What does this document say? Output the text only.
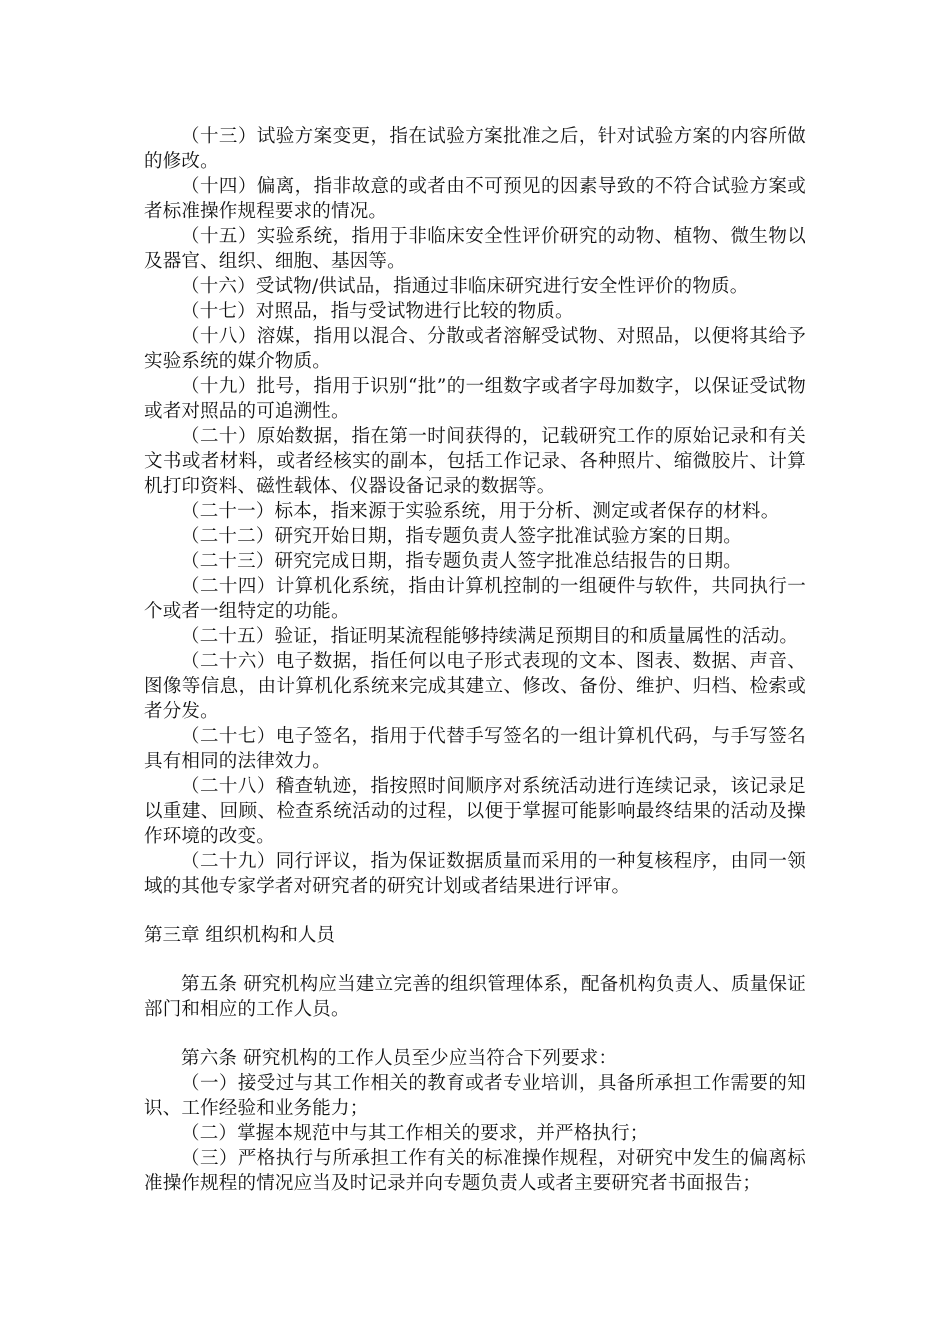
（十三）试验方案变更，指在试验方案批准之后，针对试验方案的内容所做的修改。

（十四）偏离，指非故意的或者由不可预见的因素导致的不符合试验方案或者标准操作规程要求的情况。

（十五）实验系统，指用于非临床安全性评价研究的动物、植物、微生物以及器官、组织、细胞、基因等。

（十六）受试物/供试品，指通过非临床研究进行安全性评价的物质。

（十七）对照品，指与受试物进行比较的物质。

（十八）溶媒，指用以混合、分散或者溶解受试物、对照品，以便将其给予实验系统的媒介物质。

（十九）批号，指用于识别“批”的一组数字或者字母加数字，以保证受试物或者对照品的可追溯性。

（二十）原始数据，指在第一时间获得的，记载研究工作的原始记录和有关文书或者材料，或者经核实的副本，包括工作记录、各种照片、缩微胶片、计算机打印资料、磁性载体、仪器设备记录的数据等。

（二十一）标本，指来源于实验系统，用于分析、测定或者保存的材料。

（二十二）研究开始日期，指专题负责人签字批准试验方案的日期。

（二十三）研究完成日期，指专题负责人签字批准总结报告的日期。

（二十四）计算机化系统，指由计算机控制的一组硬件与软件，共同执行一个或者一组特定的功能。

（二十五）验证，指证明某流程能够持续满足预期目的和质量属性的活动。

（二十六）电子数据，指任何以电子形式表现的文本、图表、数据、声音、图像等信息，由计算机化系统来完成其建立、修改、备份、维护、归档、检索或者分发。

（二十七）电子签名，指用于代替手写签名的一组计算机代码，与手写签名具有相同的法律效力。

（二十八）稽查轨迹，指按照时间顺序对系统活动进行连续记录，该记录足以重建、回顾、检查系统活动的过程，以便于掌握可能影响最终结果的活动及操作环境的改变。

（二十九）同行评议，指为保证数据质量而采用的一种复核程序，由同一领域的其他专家学者对研究者的研究计划或者结果进行评审。

第三章 组织机构和人员

第五条 研究机构应当建立完善的组织管理体系，配备机构负责人、质量保证部门和相应的工作人员。

第六条 研究机构的工作人员至少应当符合下列要求：

（一）接受过与其工作相关的教育或者专业培训，具备所承担工作需要的知识、工作经验和业务能力；

（二）掌握本规范中与其工作相关的要求，并严格执行；

（三）严格执行与所承担工作有关的标准操作规程，对研究中发生的偏离标准操作规程的情况应当及时记录并向专题负责人或者主要研究者书面报告；
